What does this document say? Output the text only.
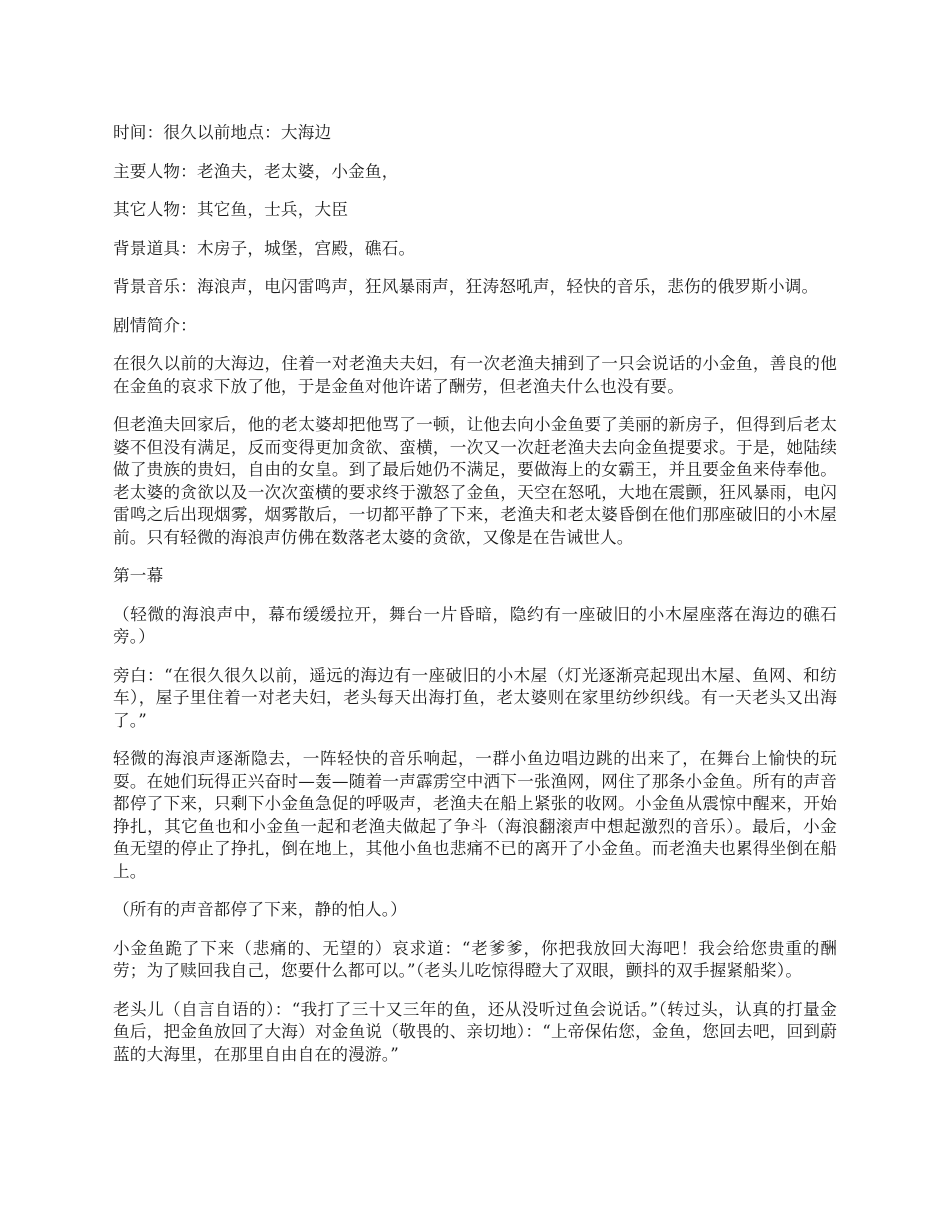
时间：很久以前地点：大海边

主要人物：老渔夫，老太婆，小金鱼，

其它人物：其它鱼，士兵，大臣

背景道具：木房子，城堡，宫殿，礁石。

背景音乐：海浪声，电闪雷鸣声，狂风暴雨声，狂涛怒吼声，轻快的音乐，悲伤的俄罗斯小调。

剧情简介：

在很久以前的大海边，住着一对老渔夫夫妇，有一次老渔夫捕到了一只会说话的小金鱼，善良的他在金鱼的哀求下放了他，于是金鱼对他许诺了酬劳，但老渔夫什么也没有要。

但老渔夫回家后，他的老太婆却把他骂了一顿，让他去向小金鱼要了美丽的新房子，但得到后老太婆不但没有满足，反而变得更加贪欲、蛮横，一次又一次赶老渔夫去向金鱼提要求。于是，她陆续做了贵族的贵妇，自由的女皇。到了最后她仍不满足，要做海上的女霸王，并且要金鱼来侍奉他。老太婆的贪欲以及一次次蛮横的要求终于激怒了金鱼，天空在怒吼，大地在震颤，狂风暴雨，电闪雷鸣之后出现烟雾，烟雾散后，一切都平静了下来，老渔夫和老太婆昏倒在他们那座破旧的小木屋前。只有轻微的海浪声仿佛在数落老太婆的贪欲，又像是在告诫世人。

第一幕

（轻微的海浪声中，幕布缓缓拉开，舞台一片昏暗，隐约有一座破旧的小木屋座落在海边的礁石旁。）

旁白：“在很久很久以前，遥远的海边有一座破旧的小木屋（灯光逐渐亮起现出木屋、鱼网、和纺车），屋子里住着一对老夫妇，老头每天出海打鱼，老太婆则在家里纺纱织线。有一天老头又出海了。”

轻微的海浪声逐渐隐去，一阵轻快的音乐响起，一群小鱼边唱边跳的出来了，在舞台上愉快的玩耍。在她们玩得正兴奋时—轰—随着一声霹雳空中洒下一张渔网，网住了那条小金鱼。所有的声音都停了下来，只剩下小金鱼急促的呼吸声，老渔夫在船上紧张的收网。小金鱼从震惊中醒来，开始挣扎，其它鱼也和小金鱼一起和老渔夫做起了争斗（海浪翻滚声中想起激烈的音乐）。最后，小金鱼无望的停止了挣扎，倒在地上，其他小鱼也悲痛不已的离开了小金鱼。而老渔夫也累得坐倒在船上。

（所有的声音都停了下来，静的怕人。）

小金鱼跪了下来（悲痛的、无望的）哀求道：“老爹爹，你把我放回大海吧！我会给您贵重的酬劳；为了赎回我自己，您要什么都可以。”（老头儿吃惊得瞪大了双眼，颤抖的双手握紧船桨）。

老头儿（自言自语的）：“我打了三十又三年的鱼，还从没听过鱼会说话。”（转过头，认真的打量金鱼后，把金鱼放回了大海）对金鱼说（敬畏的、亲切地）：“上帝保佑您，金鱼，您回去吧，回到蔚蓝的大海里，在那里自由自在的漫游。”
